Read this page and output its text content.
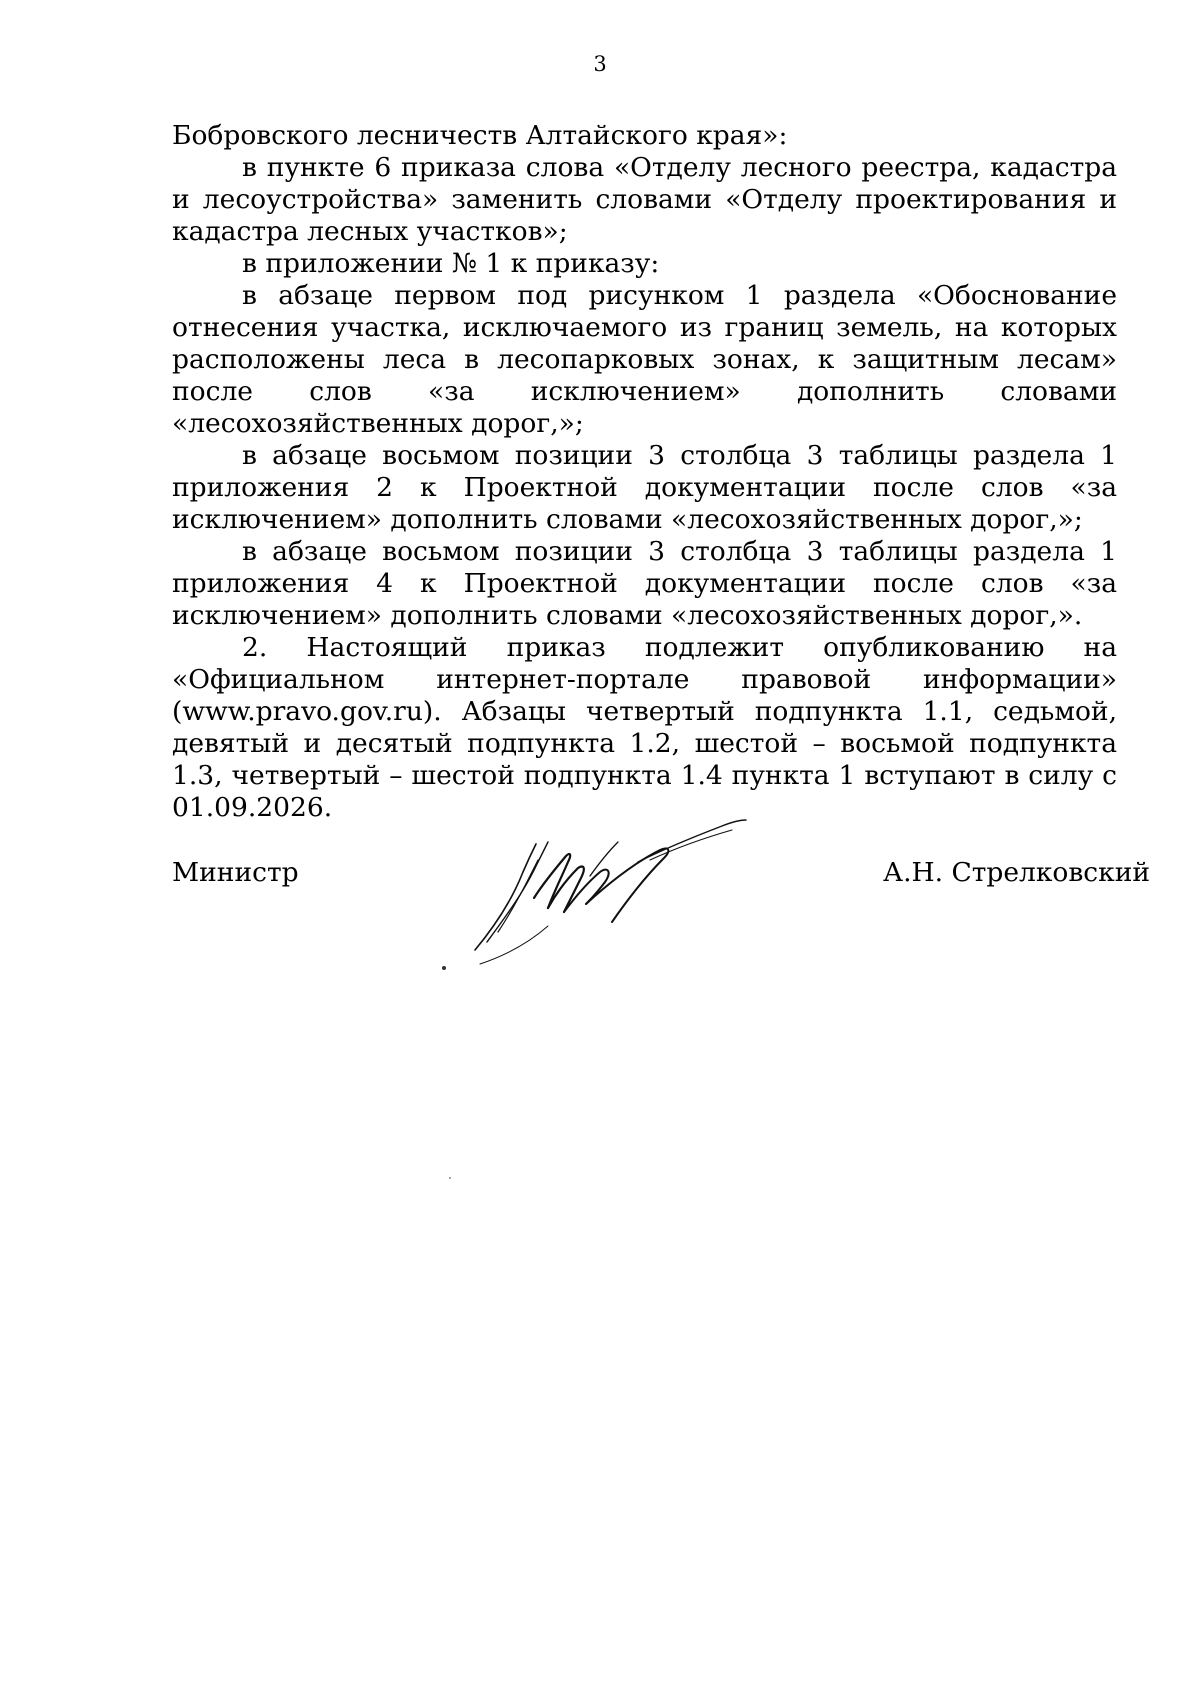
3

Бобровского лесничеств Алтайского края»:

в пункте 6 приказа слова «Отделу лесного реестра, кадастра и лесоустройства» заменить словами «Отделу проектирования и кадастра лесных участков»;

в приложении № 1 к приказу:

в абзаце первом под рисунком 1 раздела «Обоснование отнесения участка, исключаемого из границ земель, на которых расположены леса в лесопарковых зонах, к защитным лесам» после слов «за исключением» дополнить словами «лесохозяйственных дорог,»;

в абзаце восьмом позиции 3 столбца 3 таблицы раздела 1 приложения 2 к Проектной документации после слов «за исключением» дополнить словами «лесохозяйственных дорог,»;

в абзаце восьмом позиции 3 столбца 3 таблицы раздела 1 приложения 4 к Проектной документации после слов «за исключением» дополнить словами «лесохозяйственных дорог,».

2. Настоящий приказ подлежит опубликованию на «Официальном интернет-портале правовой информации» (www.pravo.gov.ru). Абзацы четвертый подпункта 1.1, седьмой, девятый и десятый подпункта 1.2, шестой – восьмой подпункта 1.3, четвертый – шестой подпункта 1.4 пункта 1 вступают в силу с 01.09.2026.

Министр	А.Н. Стрелковский
